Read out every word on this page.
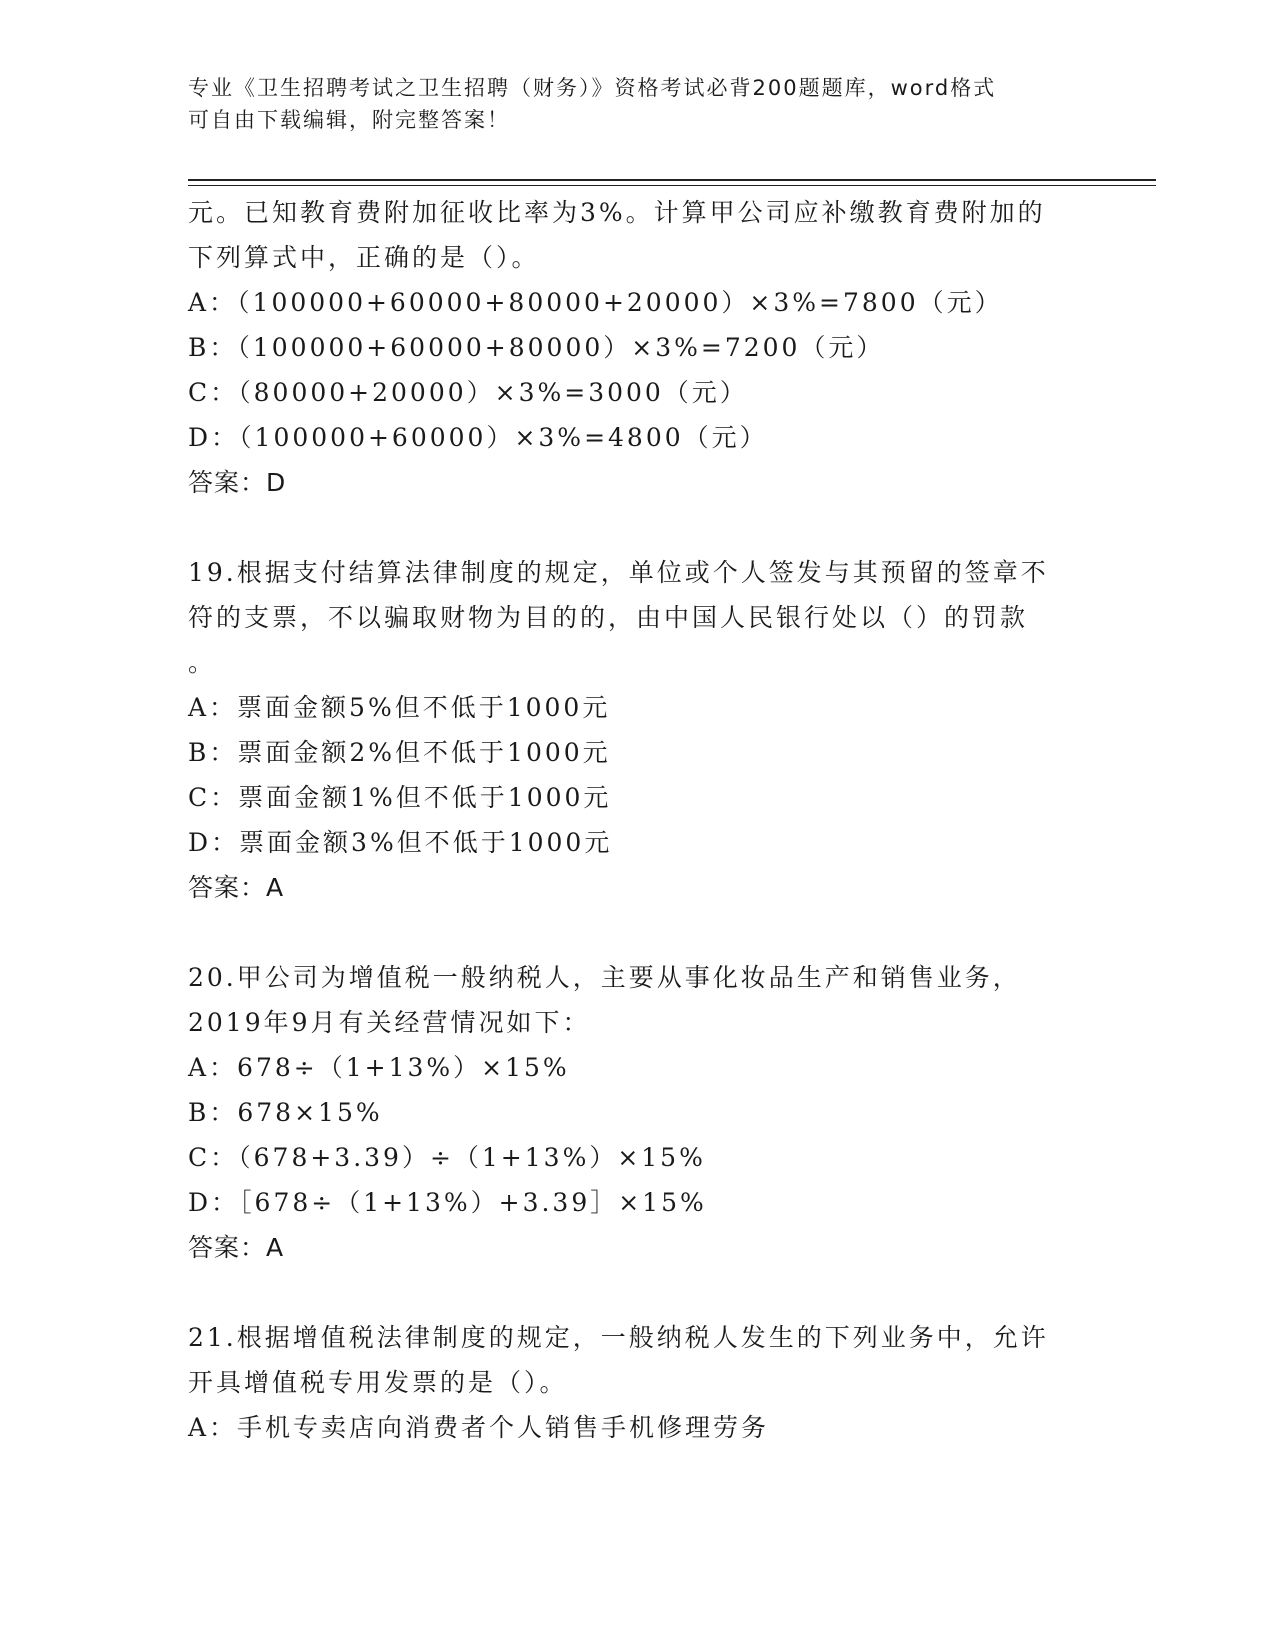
专业《卫生招聘考试之卫生招聘（财务）》资格考试必背200题题库，word格式
可自由下载编辑，附完整答案！
元。已知教育费附加征收比率为3%。计算甲公司应补缴教育费附加的
下列算式中，正确的是（）。
A：（100000+60000+80000+20000）×3%=7800（元）
B：（100000+60000+80000）×3%=7200（元）
C：（80000+20000）×3%=3000（元）
D：（100000+60000）×3%=4800（元）
答案：D
19.根据支付结算法律制度的规定，单位或个人签发与其预留的签章不
符的支票，不以骗取财物为目的的，由中国人民银行处以（）的罚款
。
A：票面金额5%但不低于1000元
B：票面金额2%但不低于1000元
C：票面金额1%但不低于1000元
D：票面金额3%但不低于1000元
答案：A
20.甲公司为增值税一般纳税人，主要从事化妆品生产和销售业务，
2019年9月有关经营情况如下：
A：678÷（1+13%）×15%
B：678×15%
C：（678+3.39）÷（1+13%）×15%
D：［678÷（1+13%）+3.39］×15%
答案：A
21.根据增值税法律制度的规定，一般纳税人发生的下列业务中，允许
开具增值税专用发票的是（）。
A：手机专卖店向消费者个人销售手机修理劳务
